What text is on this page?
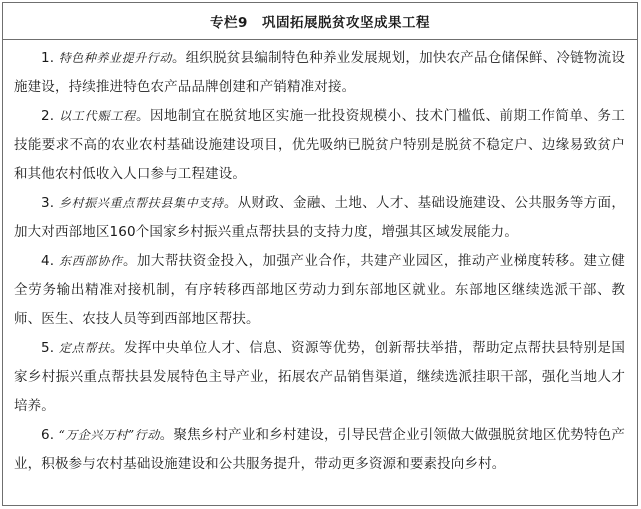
专栏9 巩固拓展脱贫攻坚成果工程

1. 特色种养业提升行动。组织脱贫县编制特色种养业发展规划，加快农产品仓储保鲜、冷链物流设施建设，持续推进特色农产品品牌创建和产销精准对接。

2. 以工代赈工程。因地制宜在脱贫地区实施一批投资规模小、技术门槛低、前期工作简单、务工技能要求不高的农业农村基础设施建设项目，优先吸纳已脱贫户特别是脱贫不稳定户、边缘易致贫户和其他农村低收入人口参与工程建设。

3. 乡村振兴重点帮扶县集中支持。从财政、金融、土地、人才、基础设施建设、公共服务等方面，加大对西部地区160个国家乡村振兴重点帮扶县的支持力度，增强其区域发展能力。

4. 东西部协作。加大帮扶资金投入，加强产业合作，共建产业园区，推动产业梯度转移。建立健全劳务输出精准对接机制，有序转移西部地区劳动力到东部地区就业。东部地区继续选派干部、教师、医生、农技人员等到西部地区帮扶。

5. 定点帮扶。发挥中央单位人才、信息、资源等优势，创新帮扶举措，帮助定点帮扶县特别是国家乡村振兴重点帮扶县发展特色主导产业，拓展农产品销售渠道，继续选派挂职干部，强化当地人才培养。

6. “万企兴万村”行动。聚焦乡村产业和乡村建设，引导民营企业引领做大做强脱贫地区优势特色产业，积极参与农村基础设施建设和公共服务提升，带动更多资源和要素投向乡村。
